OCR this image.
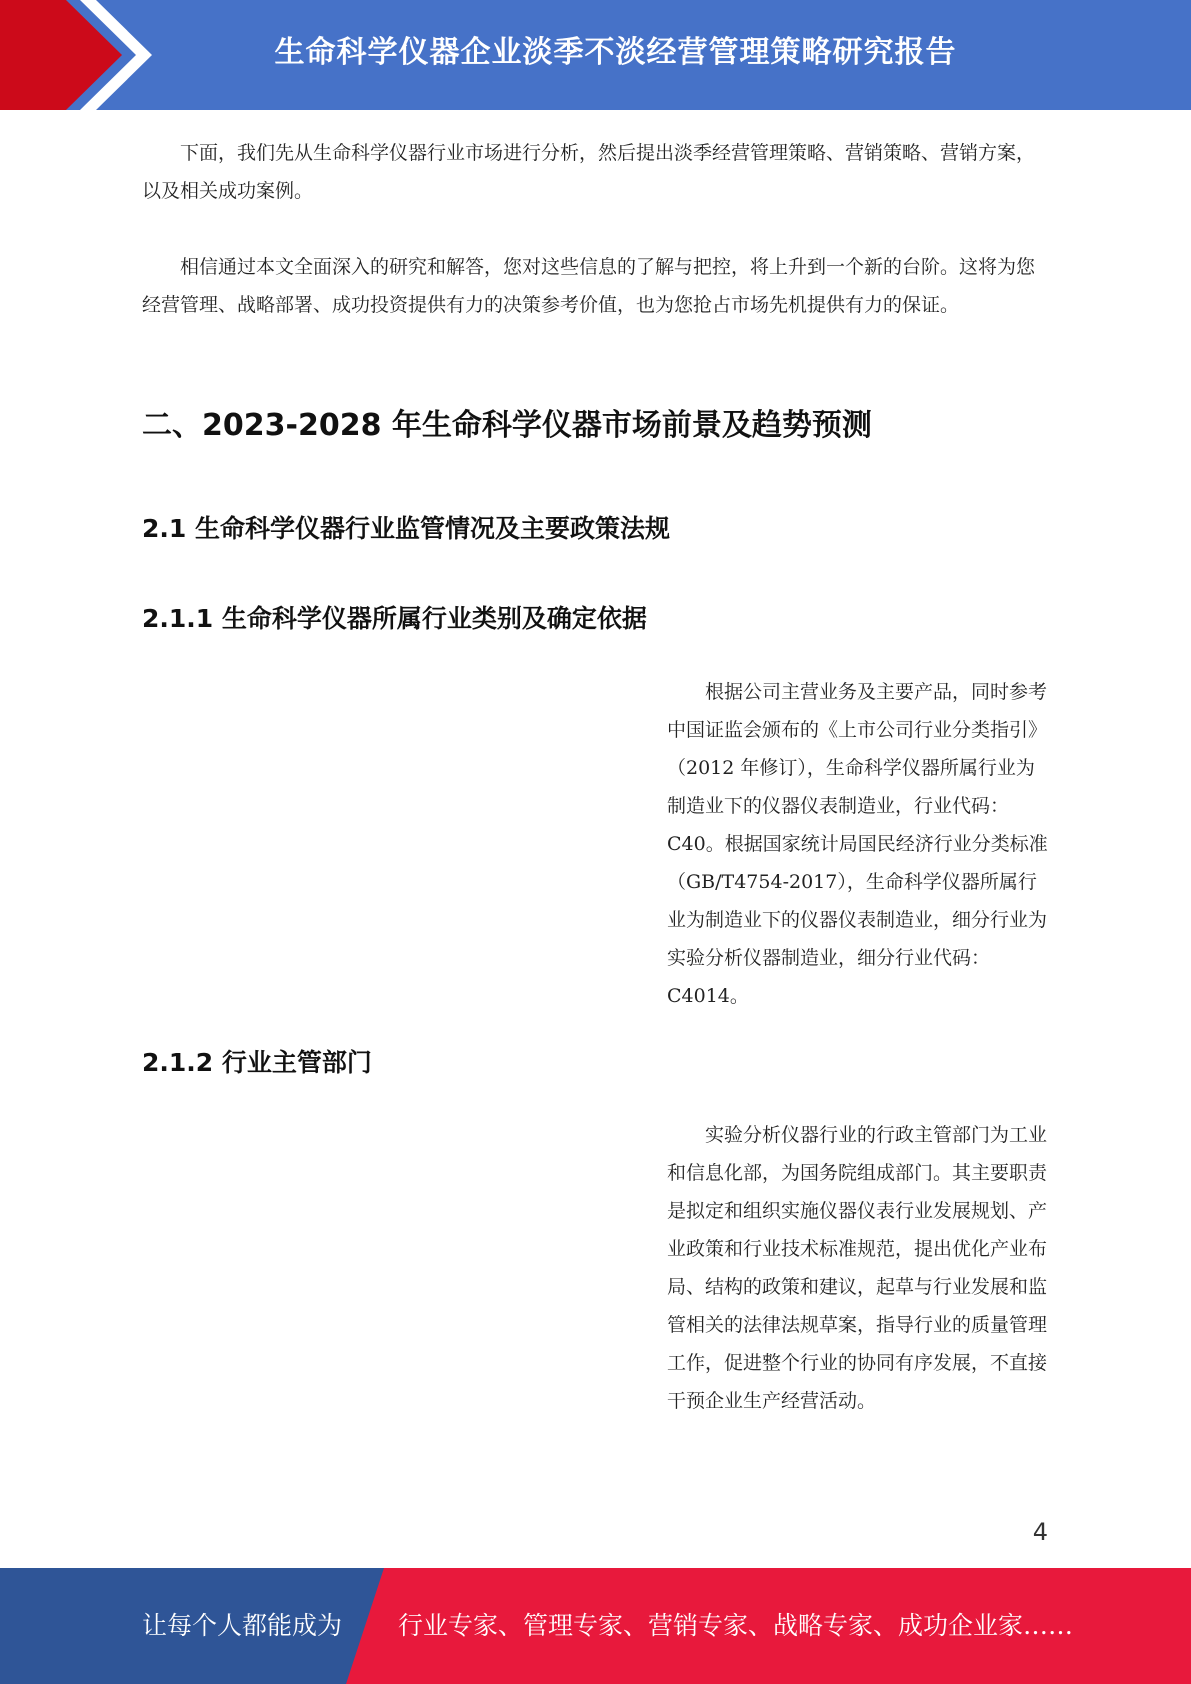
生命科学仪器企业淡季不淡经营管理策略研究报告

下面，我们先从生命科学仪器行业市场进行分析，然后提出淡季经营管理策略、营销策略、营销方案，以及相关成功案例。

相信通过本文全面深入的研究和解答，您对这些信息的了解与把控，将上升到一个新的台阶。这将为您经营管理、战略部署、成功投资提供有力的决策参考价值，也为您抢占市场先机提供有力的保证。

二、2023-2028 年生命科学仪器市场前景及趋势预测
2.1 生命科学仪器行业监管情况及主要政策法规
2.1.1 生命科学仪器所属行业类别及确定依据

根据公司主营业务及主要产品，同时参考中国证监会颁布的《上市公司行业分类指引》（2012 年修订），生命科学仪器所属行业为制造业下的仪器仪表制造业，行业代码：C40。根据国家统计局国民经济行业分类标准（GB/T4754-2017），生命科学仪器所属行业为制造业下的仪器仪表制造业，细分行业为实验分析仪器制造业，细分行业代码：C4014。

2.1.2 行业主管部门

实验分析仪器行业的行政主管部门为工业和信息化部，为国务院组成部门。其主要职责是拟定和组织实施仪器仪表行业发展规划、产业政策和行业技术标准规范，提出优化产业布局、结构的政策和建议，起草与行业发展和监管相关的法律法规草案，指导行业的质量管理工作，促进整个行业的协同有序发展，不直接干预企业生产经营活动。

4
让每个人都能成为 行业专家、管理专家、营销专家、战略专家、成功企业家……
